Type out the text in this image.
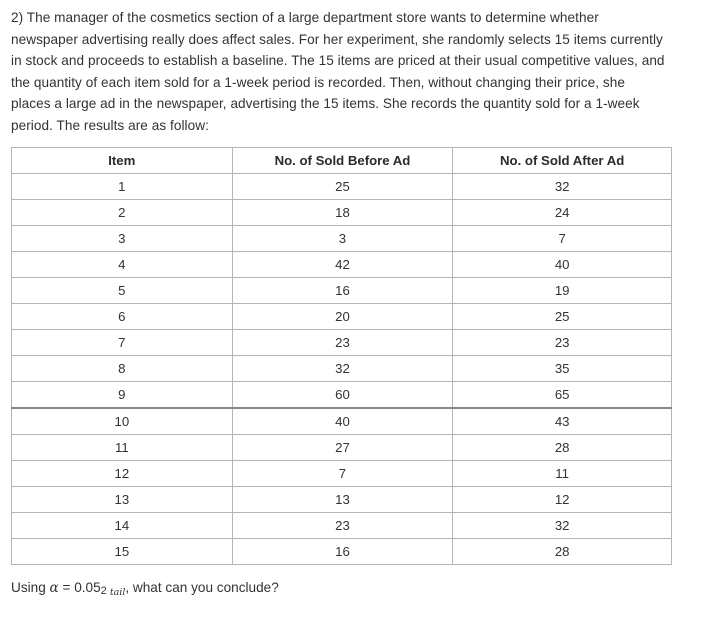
2) The manager of the cosmetics section of a large department store wants to determine whether
newspaper advertising really does affect sales. For her experiment, she randomly selects 15 items currently
in stock and proceeds to establish a baseline. The 15 items are priced at their usual competitive values, and
the quantity of each item sold for a 1-week period is recorded. Then, without changing their price, she
places a large ad in the newspaper, advertising the 15 items. She records the quantity sold for a 1-week
period. The results are as follow:
Item	No. of Sold Before Ad	No. of Sold After Ad
1	25	32
2	18	24
3	3	7
4	42	40
5	16	19
6	20	25
7	23	23
8	32	35
9	60	65
10	40	43
11	27	28
12	7	11
13	13	12
14	23	32
15	16	28

Using α = 0.052 $_{tail}$, what can you conclude?
